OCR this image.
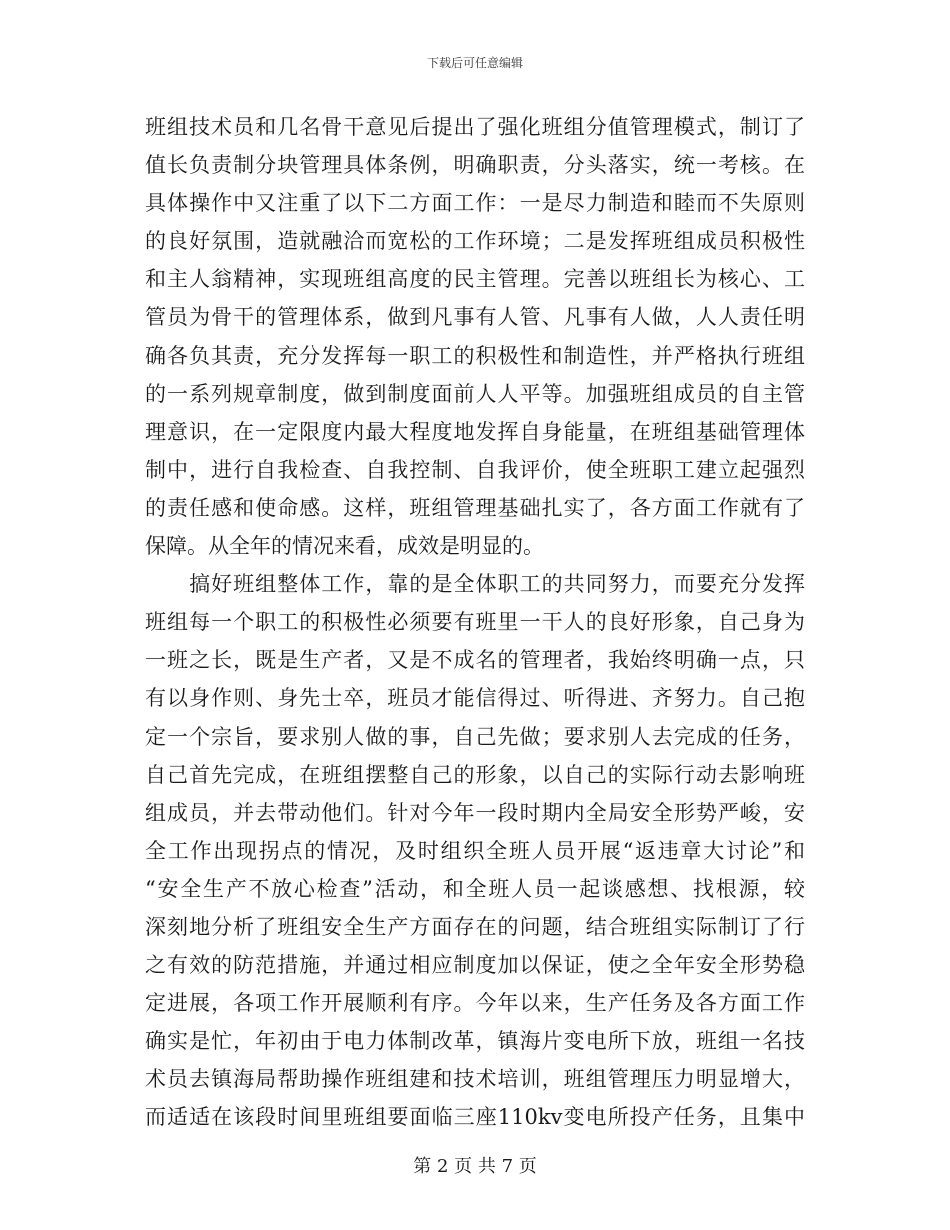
下载后可任意编辑
班组技术员和几名骨干意见后提出了强化班组分值管理模式，制订了
值长负责制分块管理具体条例，明确职责，分头落实，统一考核。在
具体操作中又注重了以下二方面工作：一是尽力制造和睦而不失原则
的良好氛围，造就融洽而宽松的工作环境；二是发挥班组成员积极性
和主人翁精神，实现班组高度的民主管理。完善以班组长为核心、工
管员为骨干的管理体系，做到凡事有人管、凡事有人做，人人责任明
确各负其责，充分发挥每一职工的积极性和制造性，并严格执行班组
的一系列规章制度，做到制度面前人人平等。加强班组成员的自主管
理意识，在一定限度内最大程度地发挥自身能量，在班组基础管理体
制中，进行自我检查、自我控制、自我评价，使全班职工建立起强烈
的责任感和使命感。这样，班组管理基础扎实了，各方面工作就有了
保障。从全年的情况来看，成效是明显的。
　　搞好班组整体工作，靠的是全体职工的共同努力，而要充分发挥
班组每一个职工的积极性必须要有班里一干人的良好形象，自己身为
一班之长，既是生产者，又是不成名的管理者，我始终明确一点，只
有以身作则、身先士卒，班员才能信得过、听得进、齐努力。自己抱
定一个宗旨，要求别人做的事，自己先做；要求别人去完成的任务，
自己首先完成，在班组摆整自己的形象，以自己的实际行动去影响班
组成员，并去带动他们。针对今年一段时期内全局安全形势严峻，安
全工作出现拐点的情况，及时组织全班人员开展“返违章大讨论”和
“安全生产不放心检查”活动，和全班人员一起谈感想、找根源，较
深刻地分析了班组安全生产方面存在的问题，结合班组实际制订了行
之有效的防范措施，并通过相应制度加以保证，使之全年安全形势稳
定进展，各项工作开展顺利有序。今年以来，生产任务及各方面工作
确实是忙，年初由于电力体制改革，镇海片变电所下放，班组一名技
术员去镇海局帮助操作班组建和技术培训，班组管理压力明显增大，
而适适在该段时间里班组要面临三座110kv变电所投产任务，且集中
第 2 页 共 7 页
